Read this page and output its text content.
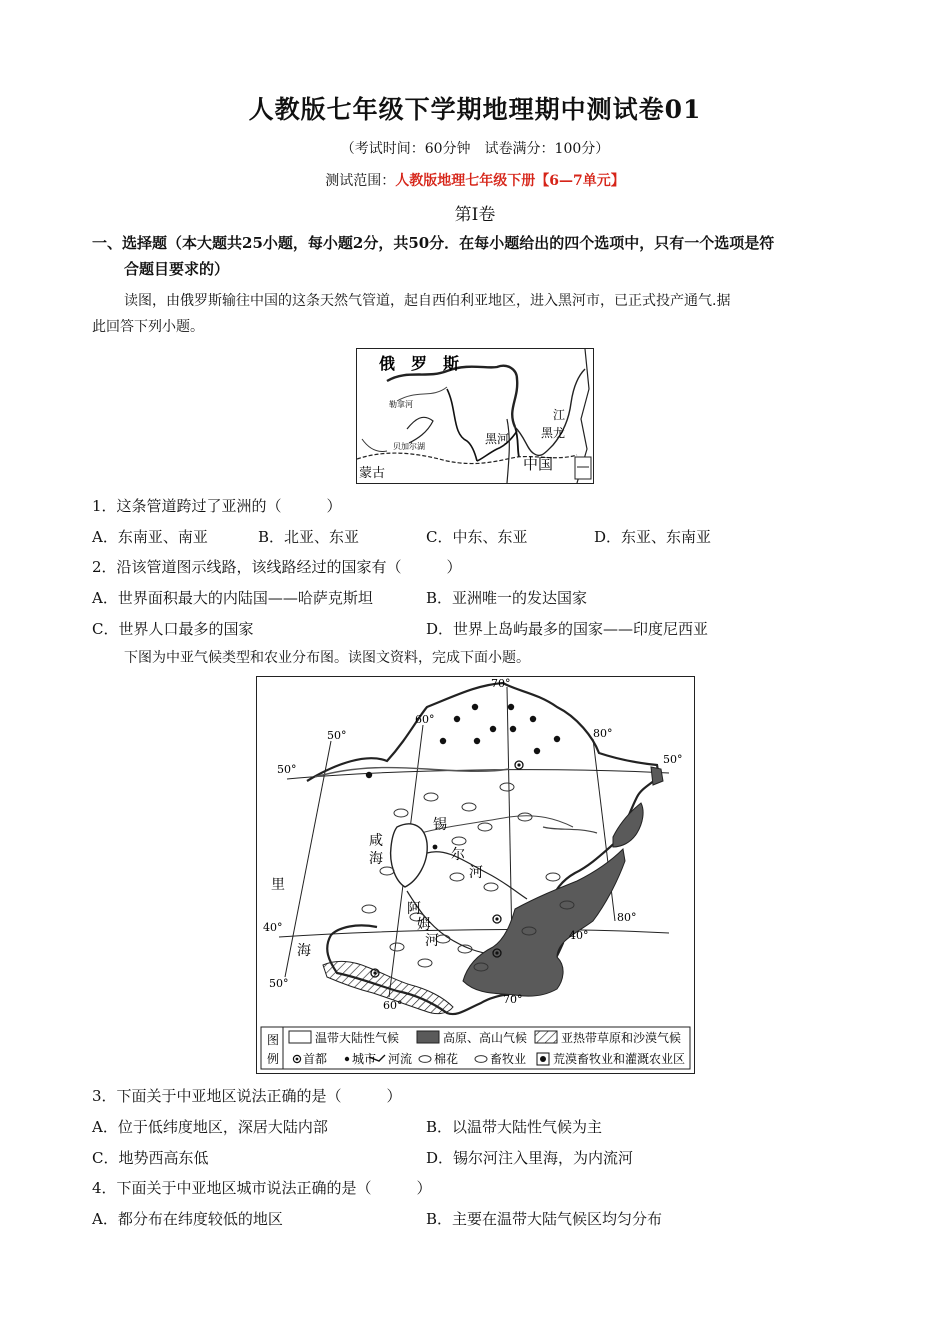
人教版七年级下学期地理期中测试卷01
（考试时间：60分钟　试卷满分：100分）
测试范围：人教版地理七年级下册【6—7单元】
第Ⅰ卷
一、选择题（本大题共25小题，每小题2分，共50分．在每小题给出的四个选项中，只有一个选项是符
合题目要求的）
读图，由俄罗斯输往中国的这条天然气管道，起自西伯利亚地区，进入黑河市，已正式投产通气.据
此回答下列小题。
俄　罗　斯
勒拿河
贝加尔湖
黑河
中国
蒙古
江
龙
黑
1．这条管道跨过了亚洲的（　　　）
A．东南亚、南亚	B．北亚、东亚	C．中东、东亚	D．东亚、东南亚
2．沿该管道图示线路，该线路经过的国家有（　　　）
A．世界面积最大的内陆国——哈萨克斯坦	B．亚洲唯一的发达国家
C．世界人口最多的国家	D．世界上岛屿最多的国家——印度尼西亚
下图为中亚气候类型和农业分布图。读图文资料，完成下面小题。
图
例
温带大陆性气候	高原、高山气候	亚热带草原和沙漠气候
首都 城市 河流 棉花	畜牧业 荒漠畜牧业和灌溉农业区
50°
50°
60°
70°
80°
50°
80°
40°
40°
50°
60°	70°
咸
海
锡
尔
河
阿
姆
河
里
海
3．下面关于中亚地区说法正确的是（　　　）
A．位于低纬度地区，深居大陆内部	B．以温带大陆性气候为主
C．地势西高东低	D．锡尔河注入里海，为内流河
4．下面关于中亚地区城市说法正确的是（　　　）
A．都分布在纬度较低的地区	B．主要在温带大陆气候区均匀分布
